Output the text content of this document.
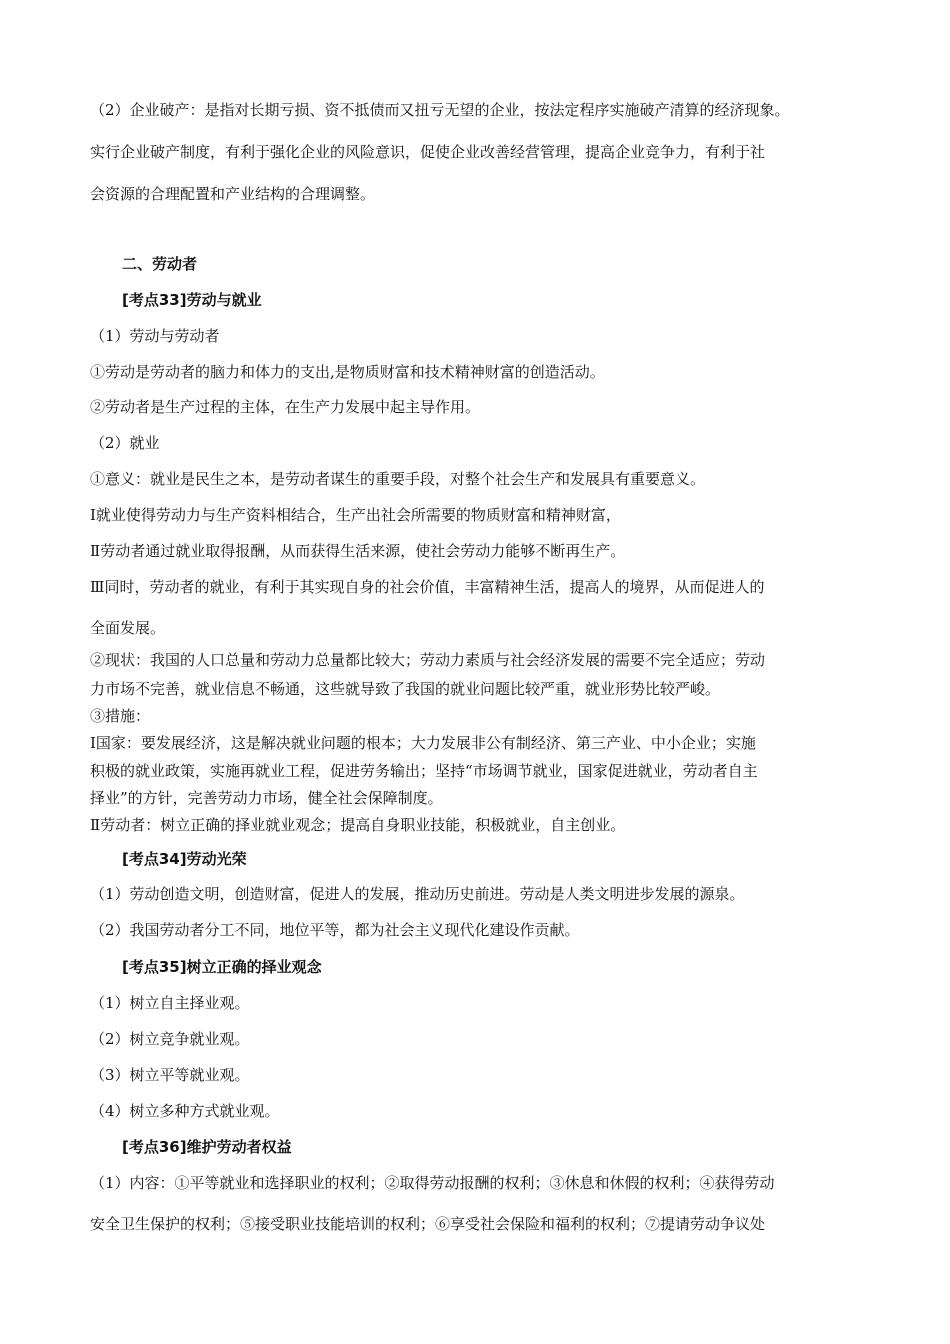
（2）企业破产：是指对长期亏损、资不抵债而又扭亏无望的企业，按法定程序实施破产清算的经济现象。
实行企业破产制度，有利于强化企业的风险意识，促使企业改善经营管理，提高企业竞争力，有利于社
会资源的合理配置和产业结构的合理调整。
二、劳动者
[考点33]劳动与就业
（1）劳动与劳动者
①劳动是劳动者的脑力和体力的支出,是物质财富和技术精神财富的创造活动。
②劳动者是生产过程的主体，在生产力发展中起主导作用。
（2）就业
①意义：就业是民生之本，是劳动者谋生的重要手段，对整个社会生产和发展具有重要意义。
Ⅰ就业使得劳动力与生产资料相结合，生产出社会所需要的物质财富和精神财富，
Ⅱ劳动者通过就业取得报酬，从而获得生活来源，使社会劳动力能够不断再生产。
Ⅲ同时，劳动者的就业，有利于其实现自身的社会价值，丰富精神生活，提高人的境界，从而促进人的
全面发展。
②现状：我国的人口总量和劳动力总量都比较大；劳动力素质与社会经济发展的需要不完全适应；劳动
力市场不完善，就业信息不畅通，这些就导致了我国的就业问题比较严重，就业形势比较严峻。
③措施：
Ⅰ国家：要发展经济，这是解决就业问题的根本；大力发展非公有制经济、第三产业、中小企业；实施
积极的就业政策，实施再就业工程，促进劳务输出；坚持“市场调节就业，国家促进就业，劳动者自主
择业”的方针，完善劳动力市场，健全社会保障制度。
Ⅱ劳动者：树立正确的择业就业观念；提高自身职业技能，积极就业，自主创业。
[考点34]劳动光荣
（1）劳动创造文明，创造财富，促进人的发展，推动历史前进。劳动是人类文明进步发展的源泉。
（2）我国劳动者分工不同，地位平等，都为社会主义现代化建设作贡献。
[考点35]树立正确的择业观念
（1）树立自主择业观。
（2）树立竞争就业观。
（3）树立平等就业观。
（4）树立多种方式就业观。
[考点36]维护劳动者权益
（1）内容：①平等就业和选择职业的权利；②取得劳动报酬的权利；③休息和休假的权利；④获得劳动
安全卫生保护的权利；⑤接受职业技能培训的权利；⑥享受社会保险和福利的权利；⑦提请劳动争议处
